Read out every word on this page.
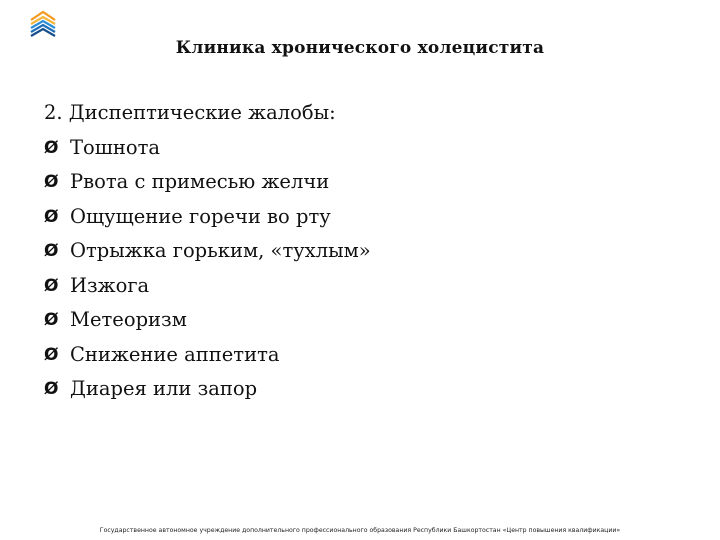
Клиника хронического холецистита
2. Диспептические жалобы:
Ø Тошнота
Ø Рвота с примесью желчи
Ø Ощущение горечи во рту
Ø Отрыжка горьким, «тухлым»
Ø Изжога
Ø Метеоризм
Ø Снижение аппетита
Ø Диарея или запор
Государственное автономное учреждение дополнительного профессионального образования Республики Башкортостан «Центр повышения квалификации»
